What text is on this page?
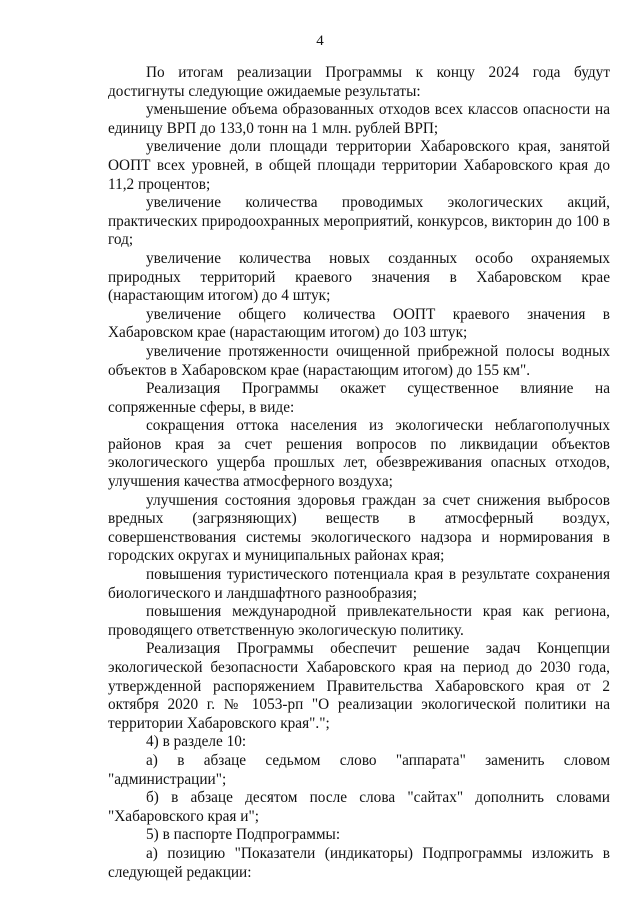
4

По итогам реализации Программы к концу 2024 года будут достигнуты следующие ожидаемые результаты:

уменьшение объема образованных отходов всех классов опасности на единицу ВРП до 133,0 тонн на 1 млн. рублей ВРП;

увеличение доли площади территории Хабаровского края, занятой ООПТ всех уровней, в общей площади территории Хабаровского края до 11,2 процентов;

увеличение количества проводимых экологических акций, практических природоохранных мероприятий, конкурсов, викторин до 100 в год;

увеличение количества новых созданных особо охраняемых природных территорий краевого значения в Хабаровском крае (нарастающим итогом) до 4 штук;

увеличение общего количества ООПТ краевого значения в Хабаровском крае (нарастающим итогом) до 103 штук;

увеличение протяженности очищенной прибрежной полосы водных объектов в Хабаровском крае (нарастающим итогом) до 155 км".

Реализация Программы окажет существенное влияние на сопряженные сферы, в виде:

сокращения оттока населения из экологически неблагополучных районов края за счет решения вопросов по ликвидации объектов экологического ущерба прошлых лет, обезвреживания опасных отходов, улучшения качества атмосферного воздуха;

улучшения состояния здоровья граждан за счет снижения выбросов вредных (загрязняющих) веществ в атмосферный воздух, совершенствования системы экологического надзора и нормирования в городских округах и муниципальных районах края;

повышения туристического потенциала края в результате сохранения биологического и ландшафтного разнообразия;

повышения международной привлекательности края как региона, проводящего ответственную экологическую политику.

Реализация Программы обеспечит решение задач Концепции экологической безопасности Хабаровского края на период до 2030 года, утвержденной распоряжением Правительства Хабаровского края от 2 октября 2020 г. № 1053-рп "О реализации экологической политики на территории Хабаровского края".";

4) в разделе 10:

а) в абзаце седьмом слово "аппарата" заменить словом "администрации";

б) в абзаце десятом после слова "сайтах" дополнить словами "Хабаровского края и";

5) в паспорте Подпрограммы:

а) позицию "Показатели (индикаторы) Подпрограммы изложить в следующей редакции:
